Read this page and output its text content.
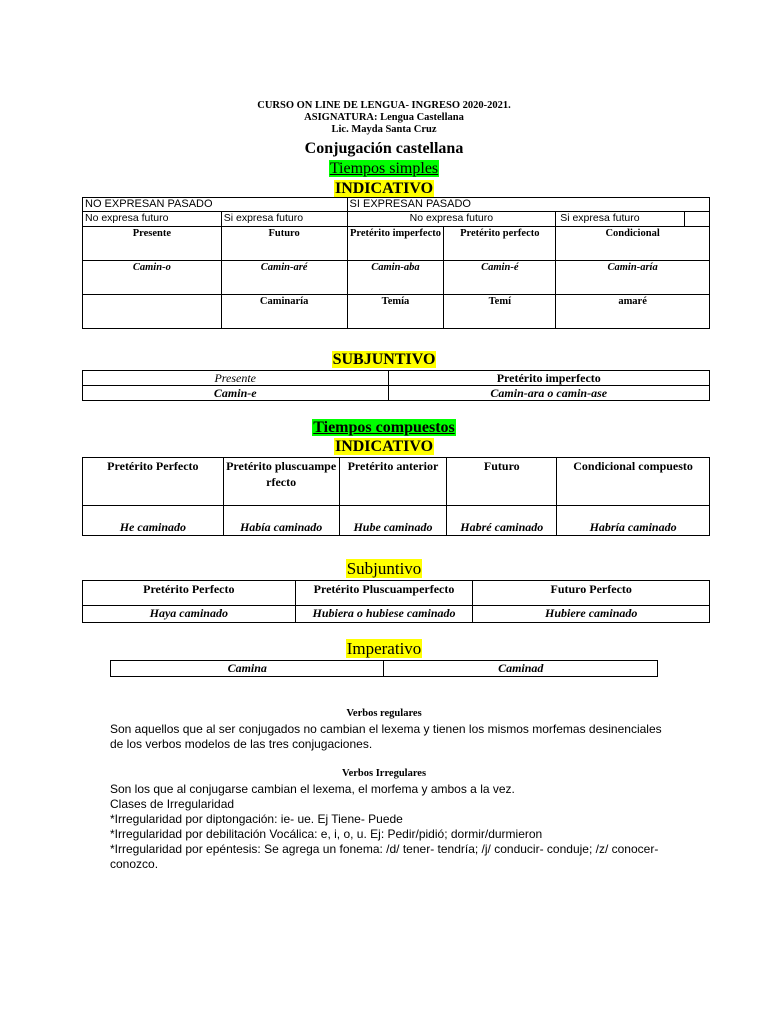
CURSO ON LINE DE LENGUA- INGRESO 2020-2021.
ASIGNATURA: Lengua Castellana
Lic. Mayda Santa Cruz
Conjugación castellana
Tiempos simples
INDICATIVO
NO EXPRESAN PASADO		SI EXPRESAN PASADO		
No expresa futuro	Si expresa futuro	No expresa futuro		Si expresa futuro

Presente	Futuro	Pretérito imperfecto	Pretérito perfecto	Condicional
Camin-o	Camin-aré	Camin-aba	Camin-é	Camin-aría
	Caminaría	Temía	Temí	amaré
SUBJUNTIVO
Presente	Pretérito imperfecto
Camin-e	Camin-ara o camin-ase
Tiempos compuestos
INDICATIVO
Pretérito Perfecto	Pretérito pluscuamperfecto	Pretérito anterior	Futuro	Condicional compuesto
He caminado	Había caminado	Hube caminado	Habré caminado	Habría caminado
Subjuntivo
Pretérito Perfecto	Pretérito Pluscuamperfecto	Futuro Perfecto
Haya caminado	Hubiera o hubiese caminado	Hubiere caminado
Imperativo
Camina	Caminad
Verbos regulares
Son aquellos que al ser conjugados no cambian el lexema y tienen los mismos morfemas desinenciales de los verbos modelos de las tres conjugaciones.
Verbos Irregulares
Son los que al conjugarse cambian el lexema, el morfema y ambos a la vez.
Clases de Irregularidad
*Irregularidad por diptongación: ie- ue. Ej Tiene- Puede
*Irregularidad por debilitación Vocálica: e, i, o, u. Ej: Pedir/pidió; dormir/durmieron
*Irregularidad por epéntesis: Se agrega un fonema: /d/ tener- tendría; /j/ conducir- conduje; /z/ conocer- conozco.
